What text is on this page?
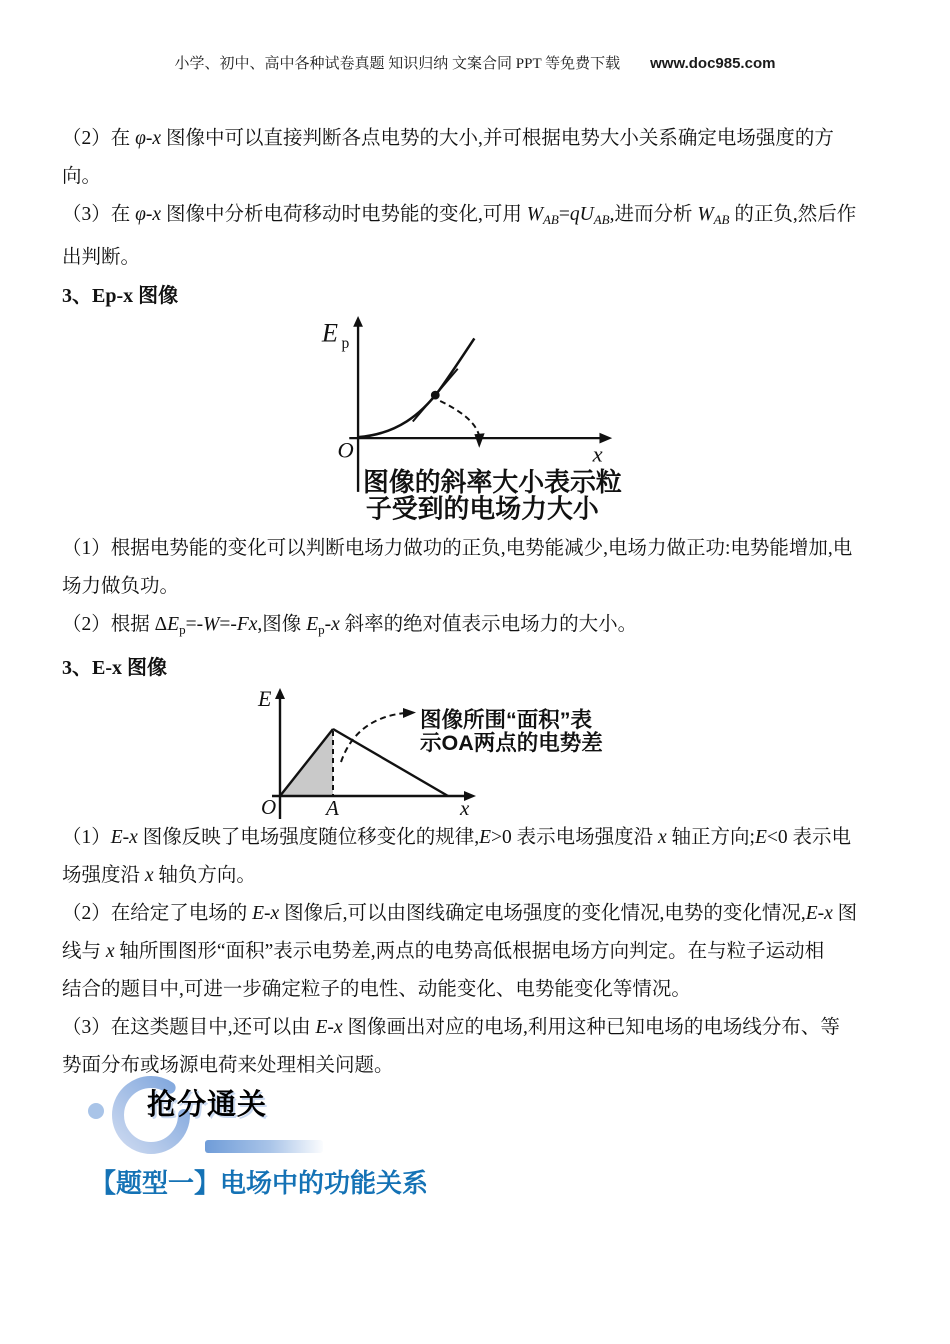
小学、初中、高中各种试卷真题 知识归纳 文案合同 PPT 等免费下载 www.doc985.com
（2）在 φ-x 图像中可以直接判断各点电势的大小,并可根据电势大小关系确定电场强度的方
向。
（3）在 φ-x 图像中分析电荷移动时电势能的变化,可用 $W_{AB}=qU_{AB}$,进而分析 $W_{AB}$ 的正负,然后作
出判断。
3、Ep-x 图像
E p
O	x
图像的斜率大小表示粒
子受到的电场力大小
（1）根据电势能的变化可以判断电场力做功的正负,电势能减少,电场力做正功:电势能增加,电
场力做负功。
（2）根据 $\Delta E_p=-W=-Fx$,图像 $E_p-x$ 斜率的绝对值表示电场力的大小。
3、E-x 图像
E
O A	x
图像所围“面积”表
示OA两点的电势差
（1）E-x 图像反映了电场强度随位移变化的规律,E>0 表示电场强度沿 x 轴正方向;E<0 表示电
场强度沿 x 轴负方向。
（2）在给定了电场的 E-x 图像后,可以由图线确定电场强度的变化情况,电势的变化情况,E-x 图
线与 x 轴所围图形“面积”表示电势差,两点的电势高低根据电场方向判定。在与粒子运动相
结合的题目中,可进一步确定粒子的电性、动能变化、电势能变化等情况。
（3）在这类题目中,还可以由 E-x 图像画出对应的电场,利用这种已知电场的电场线分布、等
势面分布或场源电荷来处理相关问题。
抢分通关
【题型一】电场中的功能关系
